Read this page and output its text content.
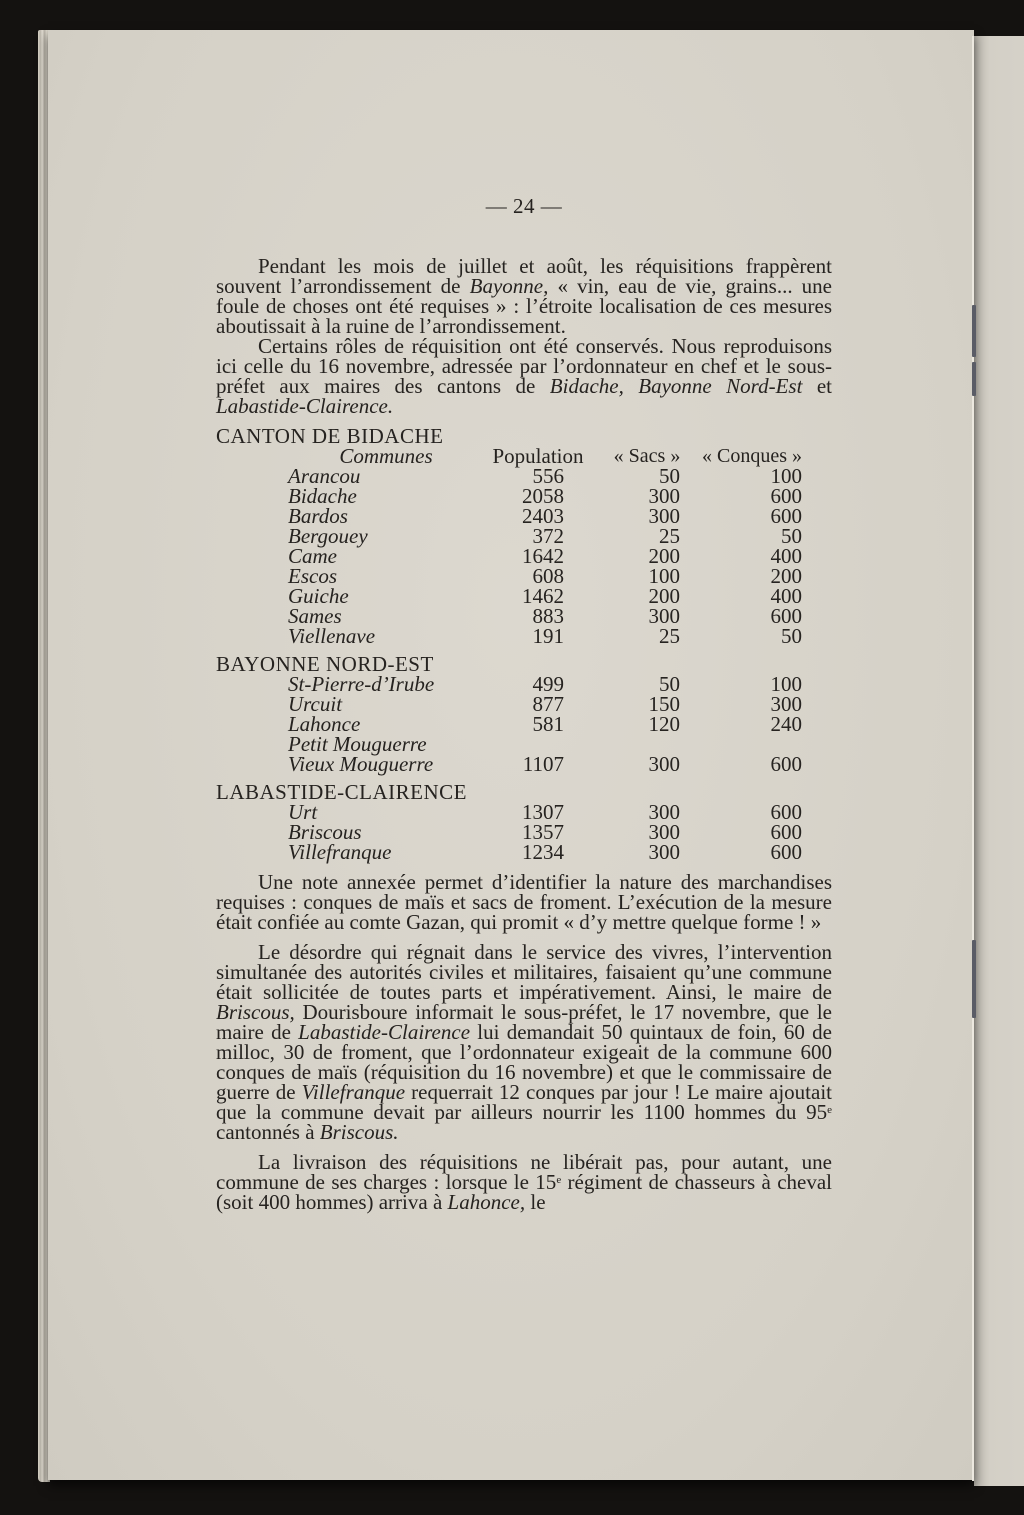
— 24 —

Pendant les mois de juillet et août, les réquisitions frappèrent souvent l’arrondissement de Bayonne, « vin, eau de vie, grains... une foule de choses ont été requises » : l’étroite localisation de ces mesures aboutissait à la ruine de l’arrondissement.

Certains rôles de réquisition ont été conservés. Nous reproduisons ici celle du 16 novembre, adressée par l’ordonnateur en chef et le sous-préfet aux maires des cantons de Bidache, Bayonne Nord-Est et Labastide-Clairence.

CANTON DE BIDACHE
Communes	Population	« Sacs »	« Conques »
Arancou	556	50	100
Bidache	2058	300	600
Bardos	2403	300	600
Bergouey	372	25	50
Came	1642	200	400
Escos	608	100	200
Guiche	1462	200	400
Sames	883	300	600
Viellenave	191	25	50
BAYONNE NORD-EST
St-Pierre-d’Irube	499	50	100
Urcuit	877	150	300
Lahonce	581	120	240
Petit Mouguerre			
Vieux Mouguerre	1107	300	600
LABASTIDE-CLAIRENCE
Urt	1307	300	600
Briscous	1357	300	600
Villefranque	1234	300	600

Une note annexée permet d’identifier la nature des marchandises requises : conques de maïs et sacs de froment. L’exécution de la mesure était confiée au comte Gazan, qui promit « d’y mettre quelque forme ! »

Le désordre qui régnait dans le service des vivres, l’intervention simultanée des autorités civiles et militaires, faisaient qu’une commune était sollicitée de toutes parts et impérativement. Ainsi, le maire de Briscous, Dourisboure informait le sous-préfet, le 17 novembre, que le maire de Labastide-Clairence lui demandait 50 quintaux de foin, 60 de milloc, 30 de froment, que l’ordonnateur exigeait de la commune 600 conques de maïs (réquisition du 16 novembre) et que le commissaire de guerre de Villefranque requerrait 12 conques par jour ! Le maire ajoutait que la commune devait par ailleurs nourrir les 1100 hommes du 95e cantonnés à Briscous.

La livraison des réquisitions ne libérait pas, pour autant, une commune de ses charges : lorsque le 15e régiment de chasseurs à cheval (soit 400 hommes) arriva à Lahonce, le
